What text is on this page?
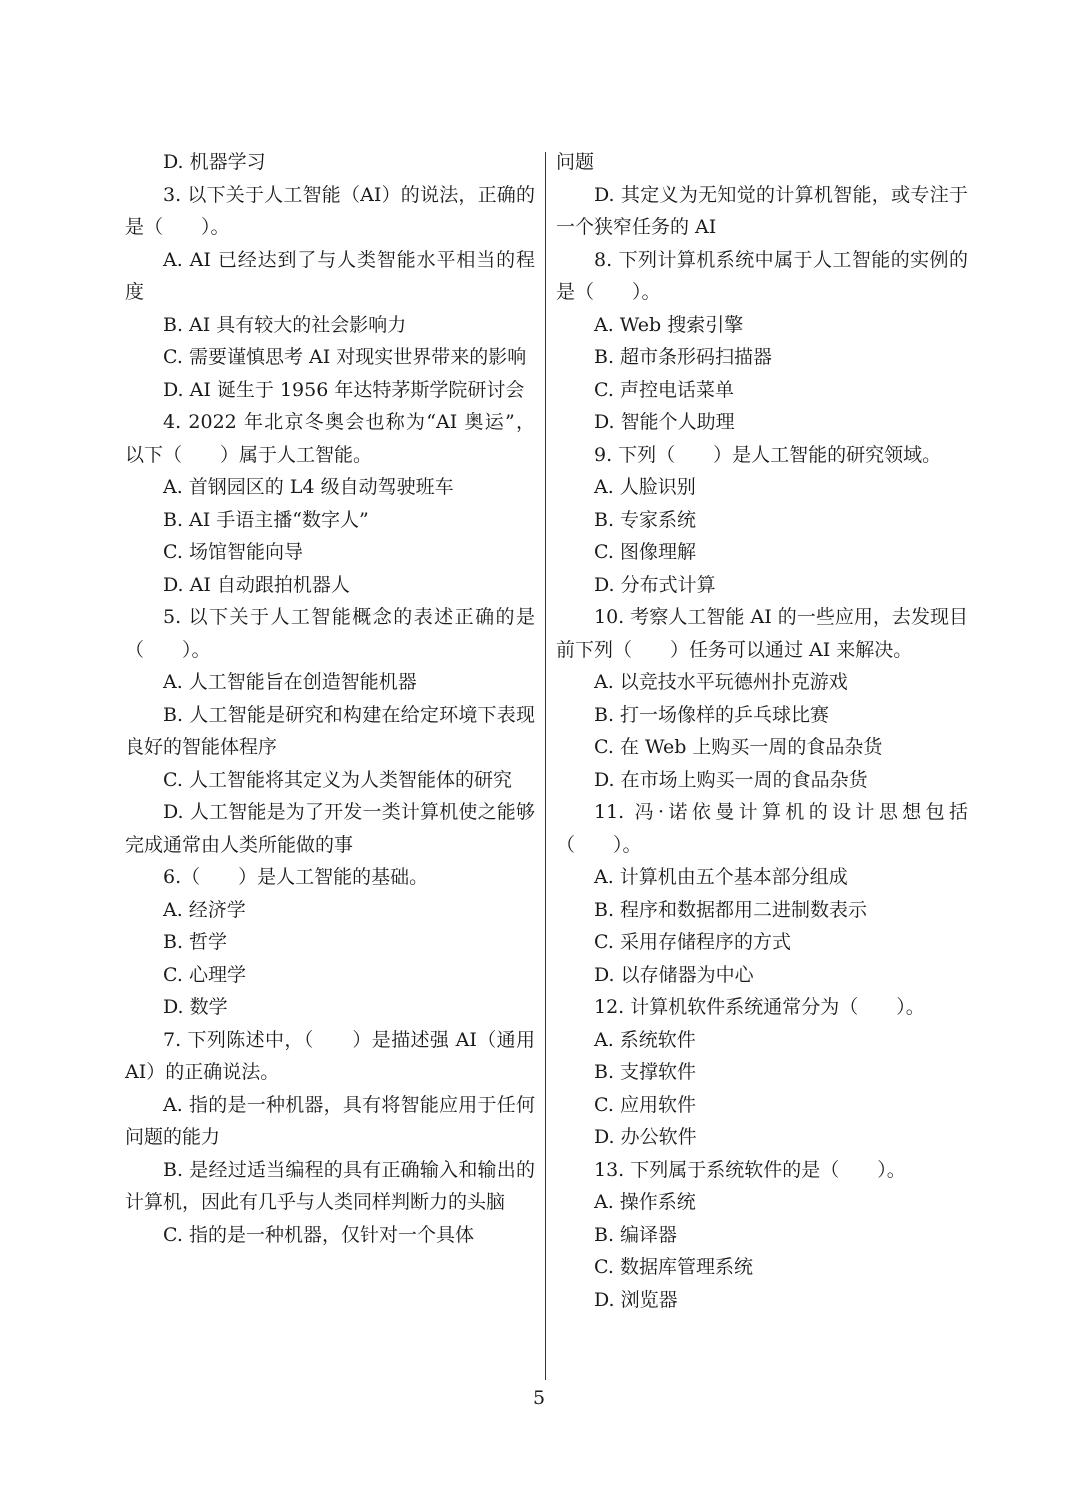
D. 机器学习

3. 以下关于人工智能（AI）的说法，正确的是（　　）。

A. AI 已经达到了与人类智能水平相当的程度

B. AI 具有较大的社会影响力

C. 需要谨慎思考 AI 对现实世界带来的影响

D. AI 诞生于 1956 年达特茅斯学院研讨会

4. 2022 年北京冬奥会也称为“AI 奥运”，以下（　　）属于人工智能。

A. 首钢园区的 L4 级自动驾驶班车

B. AI 手语主播“数字人”

C. 场馆智能向导

D. AI 自动跟拍机器人

5. 以下关于人工智能概念的表述正确的是（　　）。

A. 人工智能旨在创造智能机器

B. 人工智能是研究和构建在给定环境下表现良好的智能体程序

C. 人工智能将其定义为人类智能体的研究

D. 人工智能是为了开发一类计算机使之能够完成通常由人类所能做的事

6.（　　）是人工智能的基础。

A. 经济学

B. 哲学

C. 心理学

D. 数学

7. 下列陈述中，（　　）是描述强 AI（通用 AI）的正确说法。

A. 指的是一种机器，具有将智能应用于任何问题的能力

B. 是经过适当编程的具有正确输入和输出的计算机，因此有几乎与人类同样判断力的头脑

C. 指的是一种机器，仅针对一个具体

问题

D. 其定义为无知觉的计算机智能，或专注于一个狭窄任务的 AI

8. 下列计算机系统中属于人工智能的实例的是（　　）。

A. Web 搜索引擎

B. 超市条形码扫描器

C. 声控电话菜单

D. 智能个人助理

9. 下列（　　）是人工智能的研究领域。

A. 人脸识别

B. 专家系统

C. 图像理解

D. 分布式计算

10. 考察人工智能 AI 的一些应用，去发现目前下列（　　）任务可以通过 AI 来解决。

A. 以竞技水平玩德州扑克游戏

B. 打一场像样的乒乓球比赛

C. 在 Web 上购买一周的食品杂货

D. 在市场上购买一周的食品杂货

11. 冯·诺依曼计算机的设计思想包括（　　）。

A. 计算机由五个基本部分组成

B. 程序和数据都用二进制数表示

C. 采用存储程序的方式

D. 以存储器为中心

12. 计算机软件系统通常分为（　　）。

A. 系统软件

B. 支撑软件

C. 应用软件

D. 办公软件

13. 下列属于系统软件的是（　　）。

A. 操作系统

B. 编译器

C. 数据库管理系统

D. 浏览器

5
